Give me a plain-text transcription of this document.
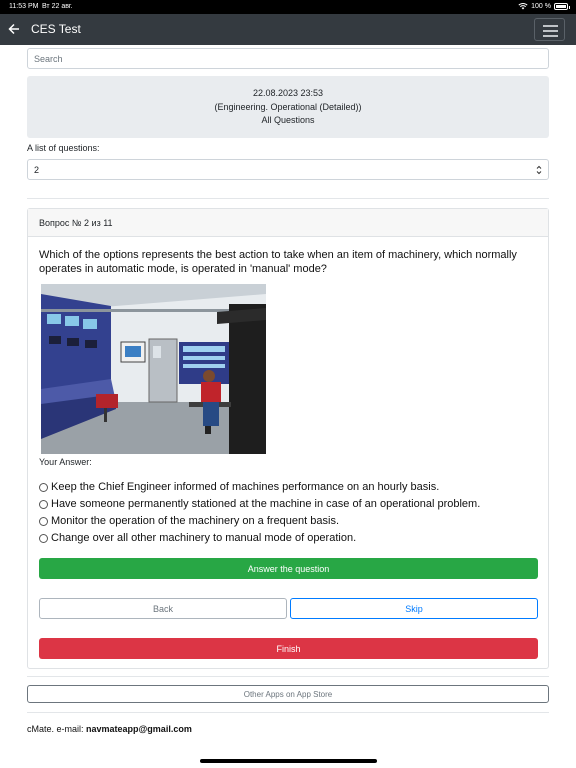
11:53 PM Вт 22 авг.	100 %
CES Test
Search
22.08.2023 23:53
(Engineering. Operational (Detailed))
All Questions
A list of questions:
2
Вопрос № 2 из 11
Which of the options represents the best action to take when an item of machinery, which normally operates in automatic mode, is operated in 'manual' mode?
Your Answer:
Keep the Chief Engineer informed of machines performance on an hourly basis.
Have someone permanently stationed at the machine in case of an operational problem.
Monitor the operation of the machinery on a frequent basis.
Change over all other machinery to manual mode of operation.
Answer the question
Back	Skip
Finish
Other Apps on App Store
cMate. e-mail: navmateapp@gmail.com
